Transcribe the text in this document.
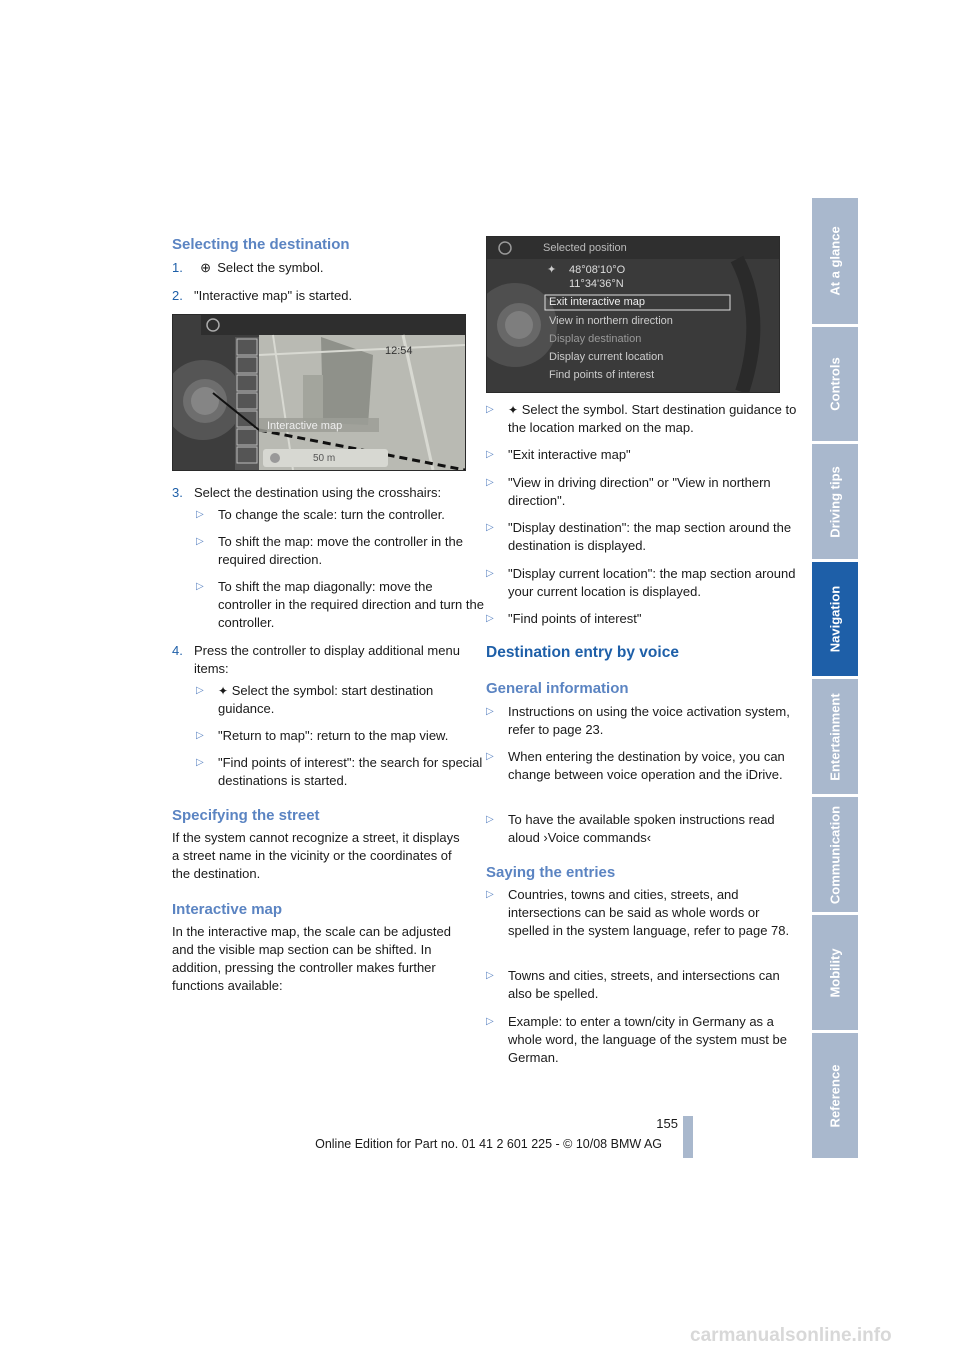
Selecting the destination
1. ⊕ Select the symbol.
2. "Interactive map" is started.
12:54
Interactive map
50 m
3. Select the destination using the crosshairs:
▷	To change the scale: turn the controller.
▷	To shift the map: move the controller in the required direction.
▷	To shift the map diagonally: move the controller in the required direction and turn the controller.
4. Press the controller to display additional menu items:
▷	✦ Select the symbol: start destination guidance.
▷	"Return to map": return to the map view.
▷	"Find points of interest": the search for special destinations is started.
Specifying the street

If the system cannot recognize a street, it displays a street name in the vicinity or the coordinates of the destination.

Interactive map

In the interactive map, the scale can be adjusted and the visible map section can be shifted. In addition, pressing the controller makes further functions available:

Selected position
✦ 48°08'10°O
11°34'36°N
Exit interactive map
View in northern direction
Display destination
Display current location
Find points of interest
▷	✦ Select the symbol. Start destination guidance to the location marked on the map.
▷	"Exit interactive map"
▷	"View in driving direction" or "View in northern direction".
▷	"Display destination": the map section around the destination is displayed.
▷	"Display current location": the map section around your current location is displayed.
▷	"Find points of interest"
Destination entry by voice
General information
▷	Instructions on using the voice activation system, refer to page 23.
▷	When entering the destination by voice, you can change between voice operation and the iDrive.
▷	To have the available spoken instructions read aloud ›Voice commands‹
Saying the entries
▷	Countries, towns and cities, streets, and intersections can be said as whole words or spelled in the system language, refer to page 78.
▷	Towns and cities, streets, and intersections can also be spelled.
▷	Example: to enter a town/city in Germany as a whole word, the language of the system must be German.
At a glance
Controls
Driving tips
Navigation
Entertainment
Communication
Mobility
Reference
155
Online Edition for Part no. 01 41 2 601 225 - © 10/08 BMW AG
carmanualsonline.info
